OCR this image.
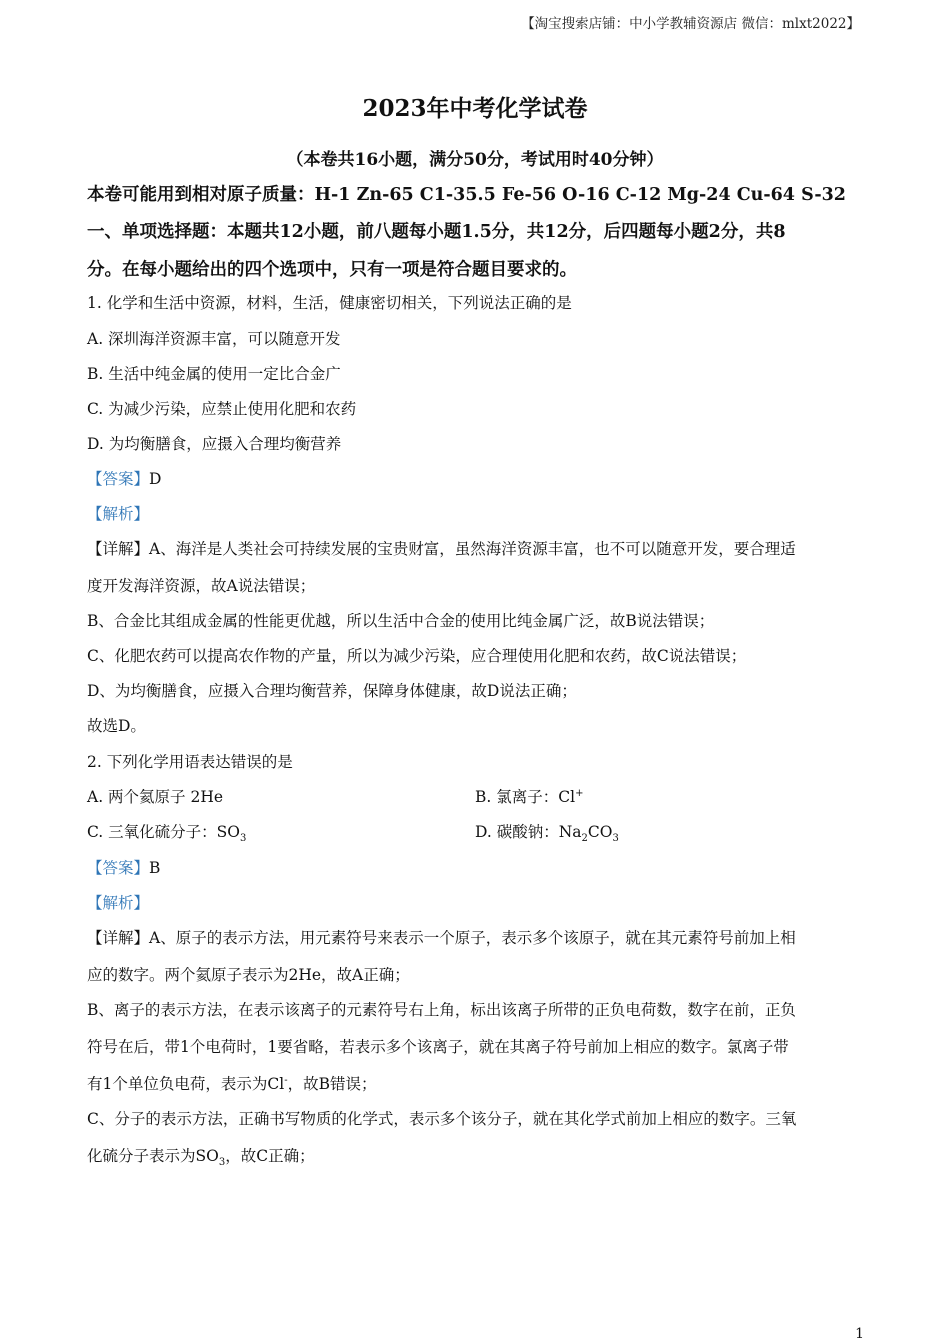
【淘宝搜索店铺：中小学教辅资源店 微信：mlxt2022】
2023年中考化学试卷
（本卷共16小题，满分50分，考试用时40分钟）
本卷可能用到相对原子质量：H-1 Zn-65 C1-35.5 Fe-56 O-16 C-12 Mg-24 Cu-64 S-32
一、单项选择题：本题共12小题，前八题每小题1.5分，共12分，后四题每小题2分，共8
分。在每小题给出的四个选项中，只有一项是符合题目要求的。
1. 化学和生活中资源，材料，生活，健康密切相关，下列说法正确的是
A. 深圳海洋资源丰富，可以随意开发
B. 生活中纯金属的使用一定比合金广
C. 为减少污染，应禁止使用化肥和农药
D. 为均衡膳食，应摄入合理均衡营养
【答案】D
【解析】
【详解】A、海洋是人类社会可持续发展的宝贵财富，虽然海洋资源丰富，也不可以随意开发，要合理适
度开发海洋资源，故A说法错误；
B、合金比其组成金属的性能更优越，所以生活中合金的使用比纯金属广泛，故B说法错误；
C、化肥农药可以提高农作物的产量，所以为减少污染，应合理使用化肥和农药，故C说法错误；
D、为均衡膳食，应摄入合理均衡营养，保障身体健康，故D说法正确；
故选D。
2. 下列化学用语表达错误的是
A. 两个氦原子 2He	B. 氯离子：Cl+
C. 三氧化硫分子：$SO_3$	D. 碳酸钠：$Na_2CO_3$
【答案】B
【解析】
【详解】A、原子的表示方法，用元素符号来表示一个原子，表示多个该原子，就在其元素符号前加上相
应的数字。两个氦原子表示为2He，故A正确；
B、离子的表示方法，在表示该离子的元素符号右上角，标出该离子所带的正负电荷数，数字在前，正负
符号在后，带1个电荷时，1要省略，若表示多个该离子，就在其离子符号前加上相应的数字。氯离子带
有1个单位负电荷，表示为Cl-，故B错误；
C、分子的表示方法，正确书写物质的化学式，表示多个该分子，就在其化学式前加上相应的数字。三氧
化硫分子表示为$SO_3$，故C正确；
1
